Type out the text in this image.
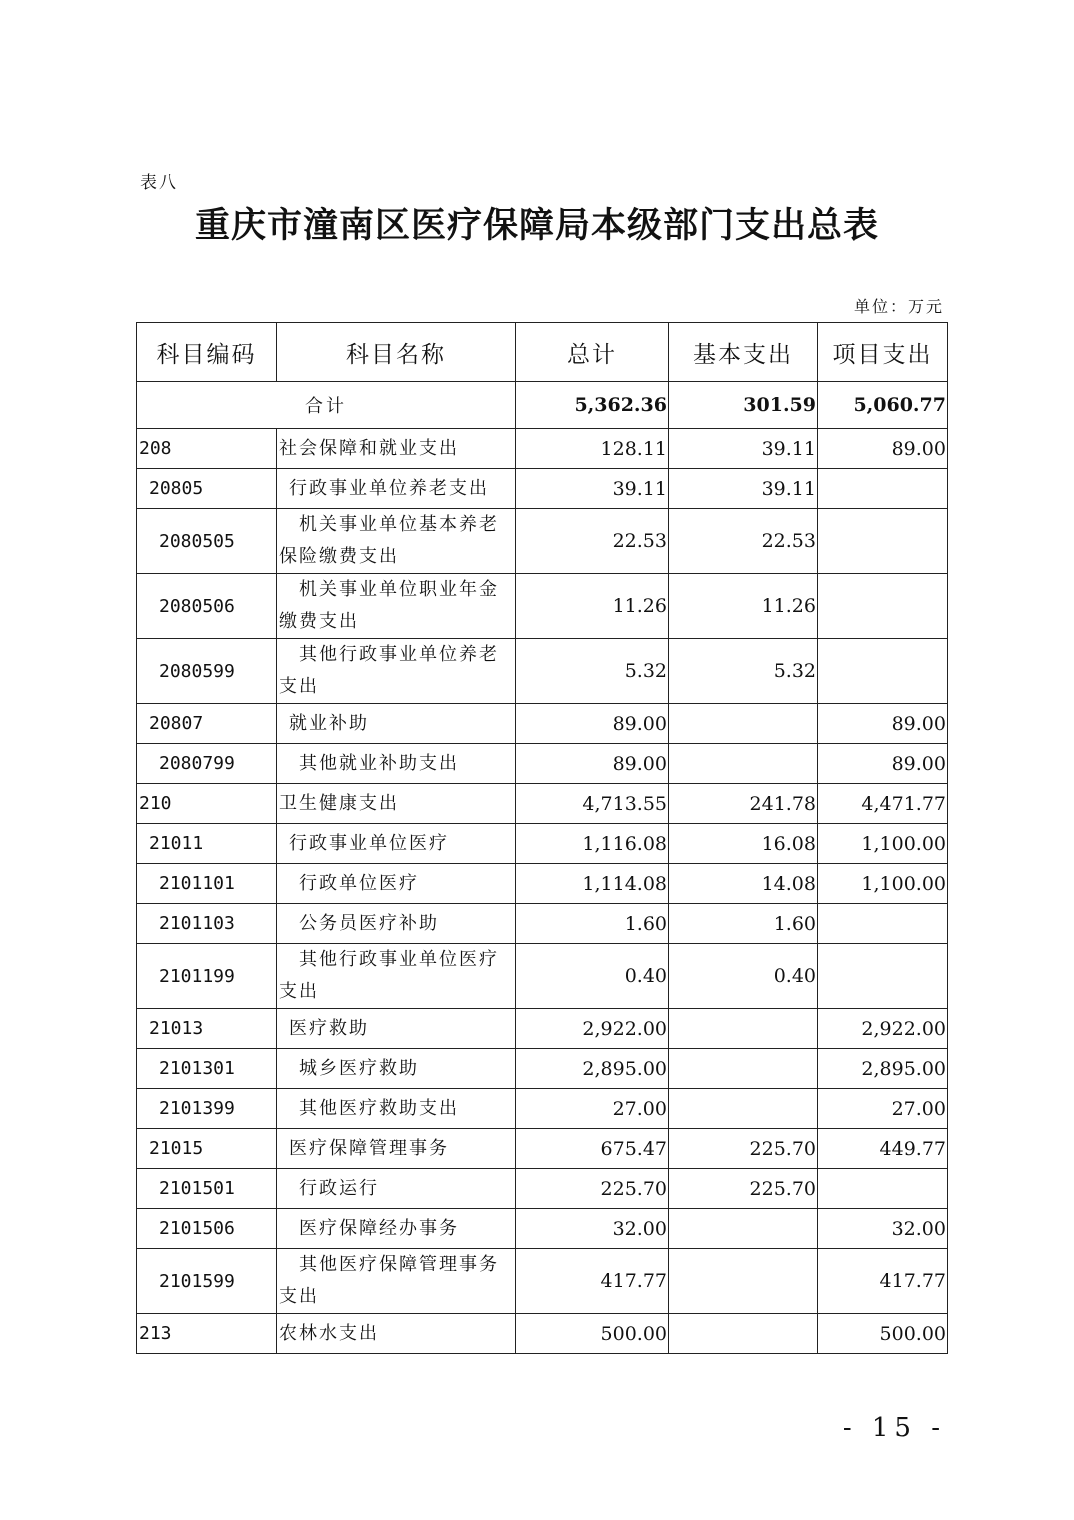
表八
重庆市潼南区医疗保障局本级部门支出总表
单位：万元
科目编码	科目名称	总计	基本支出	项目支出
合计		5,362.36	301.59	5,060.77
208	社会保障和就业支出	128.11	39.11	89.00
20805	行政事业单位养老支出	39.11	39.11	
2080505	机关事业单位基本养老保险缴费支出	22.53	22.53	
2080506	机关事业单位职业年金缴费支出	11.26	11.26	
2080599	其他行政事业单位养老支出	5.32	5.32	
20807	就业补助	89.00		89.00
2080799	其他就业补助支出	89.00		89.00
210	卫生健康支出	4,713.55	241.78	4,471.77
21011	行政事业单位医疗	1,116.08	16.08	1,100.00
2101101	行政单位医疗	1,114.08	14.08	1,100.00
2101103	公务员医疗补助	1.60	1.60	
2101199	其他行政事业单位医疗支出	0.40	0.40	
21013	医疗救助	2,922.00		2,922.00
2101301	城乡医疗救助	2,895.00		2,895.00
2101399	其他医疗救助支出	27.00		27.00
21015	医疗保障管理事务	675.47	225.70	449.77
2101501	行政运行	225.70	225.70	
2101506	医疗保障经办事务	32.00		32.00
2101599	其他医疗保障管理事务支出	417.77		417.77
213	农林水支出	500.00		500.00
- 15 -
